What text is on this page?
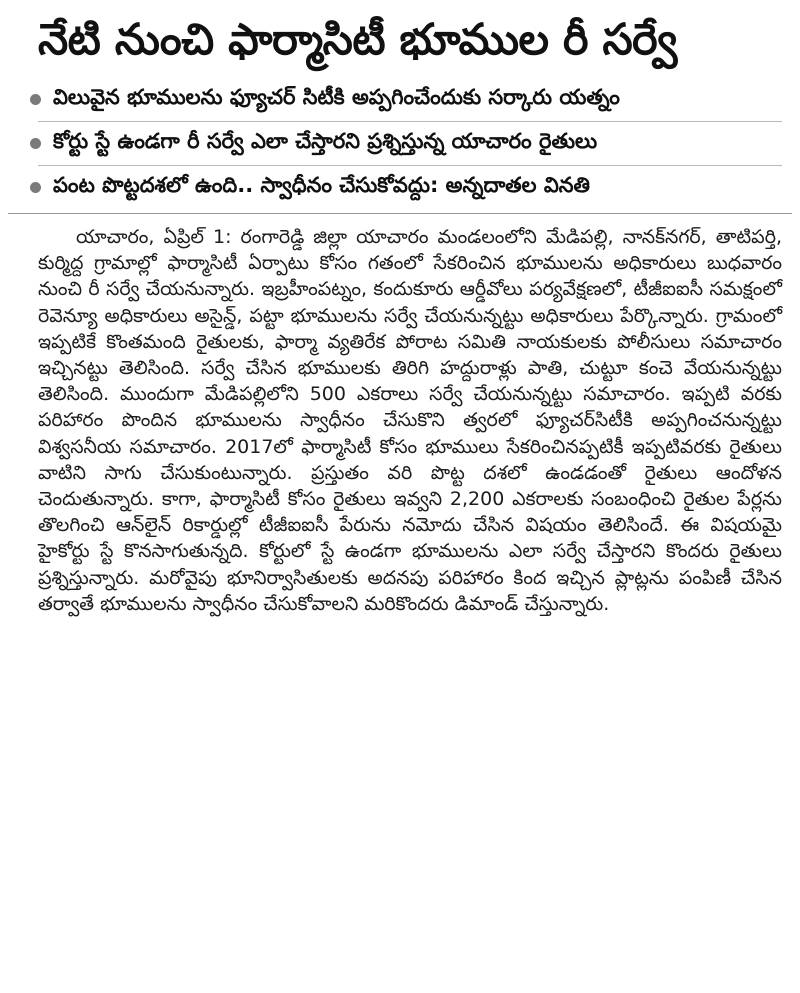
నేటి నుంచి ఫార్మాసిటీ భూముల రీ సర్వే
విలువైన భూములను ఫ్యూచర్ సిటీకి అప్పగించేందుకు సర్కారు యత్నం
కోర్టు స్టే ఉండగా రీ సర్వే ఎలా చేస్తారని ప్రశ్నిస్తున్న యాచారం రైతులు
పంట పొట్టదశలో ఉంది.. స్వాధీనం చేసుకోవద్దు: అన్నదాతల వినతి

యాచారం, ఏప్రిల్ 1: రంగారెడ్డి జిల్లా యాచారం మండలంలోని మేడిపల్లి, నానక్‌నగర్, తాటిపర్తి, కుర్మిద్ద గ్రామాల్లో ఫార్మాసిటీ ఏర్పాటు కోసం గతంలో సేకరించిన భూములను అధికారులు బుధవారం నుంచి రీ సర్వే చేయనున్నారు. ఇబ్రహీంపట్నం, కందుకూరు ఆర్డీవోలు పర్యవేక్షణలో, టీజీఐఐసీ సమక్షంలో రెవెన్యూ అధికారులు అసైన్డ్, పట్టా భూములను సర్వే చేయనున్నట్టు అధికారులు పేర్కొన్నారు. గ్రామంలో ఇప్పటికే కొంతమంది రైతులకు, ఫార్మా వ్యతిరేక పోరాట సమితి నాయకులకు పోలీసులు సమాచారం ఇచ్చినట్టు తెలిసింది. సర్వే చేసిన భూములకు తిరిగి హద్దురాళ్లు పాతి, చుట్టూ కంచె వేయనున్నట్టు తెలిసింది. ముందుగా మేడిపల్లిలోని 500 ఎకరాలు సర్వే చేయనున్నట్టు సమాచారం. ఇప్పటి వరకు పరిహారం పొందిన భూములను స్వాధీనం చేసుకొని త్వరలో ఫ్యూచర్‌సిటీకి అప్పగించనున్నట్టు విశ్వసనీయ సమాచారం. 2017లో ఫార్మాసిటీ కోసం భూములు సేకరించినప్పటికీ ఇప్పటివరకు రైతులు వాటిని సాగు చేసుకుంటున్నారు. ప్రస్తుతం వరి పొట్ట దశలో ఉండడంతో రైతులు ఆందోళన చెందుతున్నారు. కాగా, ఫార్మాసిటీ కోసం రైతులు ఇవ్వని 2,200 ఎకరాలకు సంబంధించి రైతుల పేర్లను తొలగించి ఆన్‌లైన్ రికార్డుల్లో టీజీఐఐసీ పేరును నమోదు చేసిన విషయం తెలిసిందే. ఈ విషయమై హైకోర్టు స్టే కొనసాగుతున్నది. కోర్టులో స్టే ఉండగా భూములను ఎలా సర్వే చేస్తారని కొందరు రైతులు ప్రశ్నిస్తున్నారు. మరోవైపు భూనిర్వాసితులకు అదనపు పరిహారం కింద ఇచ్చిన ప్లాట్లను పంపిణీ చేసిన తర్వాతే భూములను స్వాధీనం చేసుకోవాలని మరికొందరు డిమాండ్ చేస్తున్నారు.
